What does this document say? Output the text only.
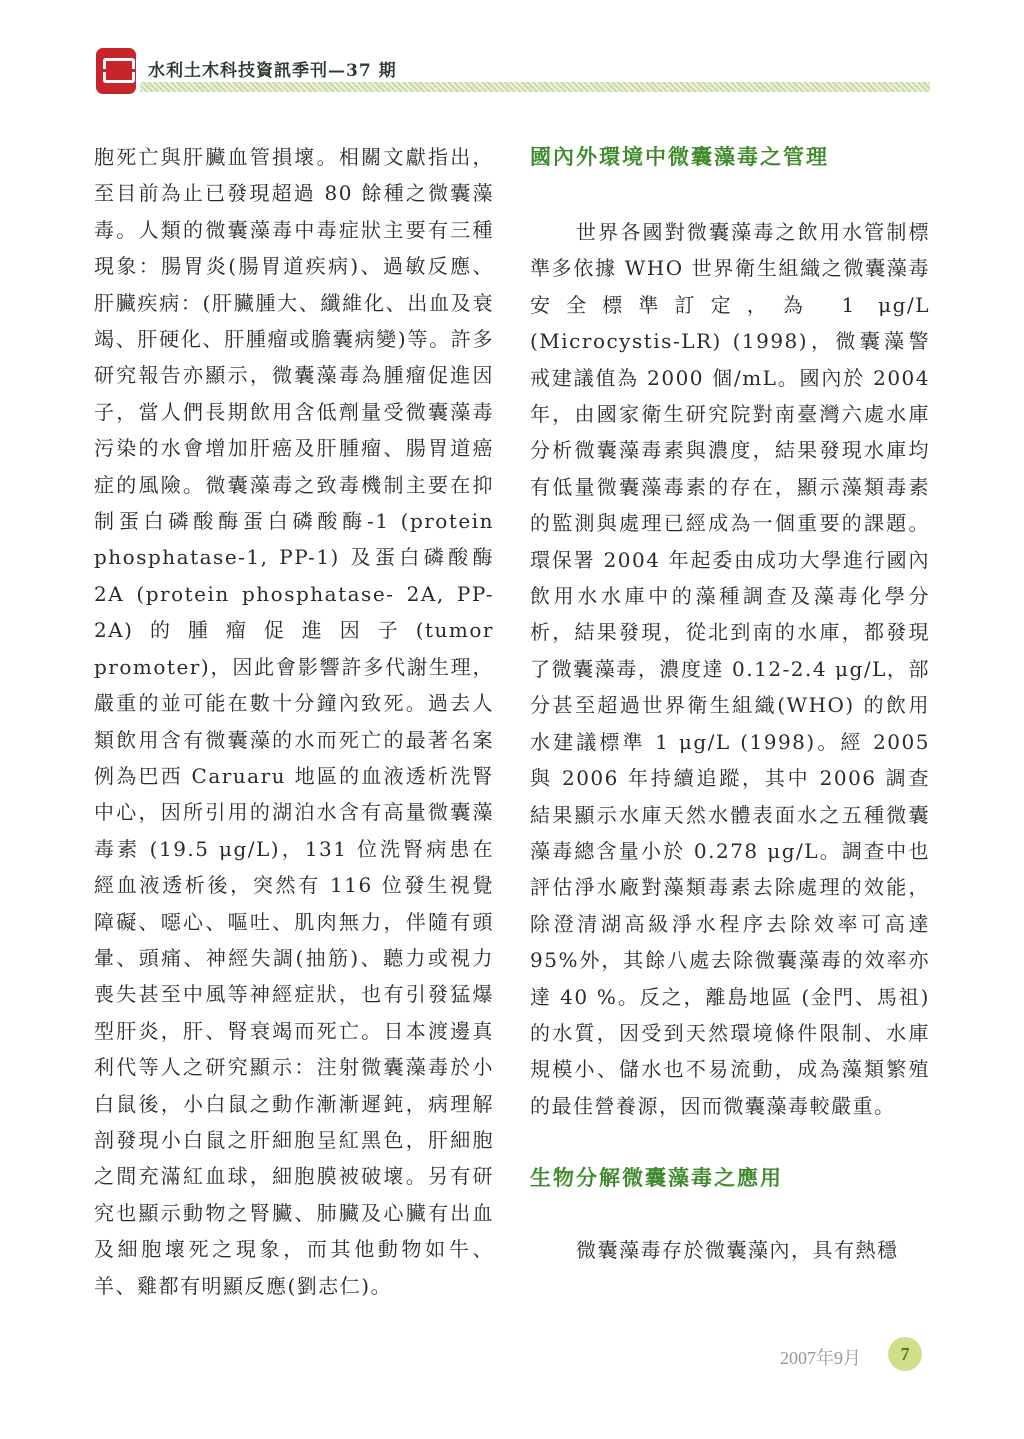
水利土木科技資訊季刊—37 期

胞死亡與肝臟血管損壞。相關文獻指出，至目前為止已發現超過 80 餘種之微囊藻毒。人類的微囊藻毒中毒症狀主要有三種現象：腸胃炎(腸胃道疾病)、過敏反應、肝臟疾病：(肝臟腫大、纖維化、出血及衰竭、肝硬化、肝腫瘤或膽囊病變)等。許多研究報告亦顯示，微囊藻毒為腫瘤促進因子，當人們長期飲用含低劑量受微囊藻毒污染的水會增加肝癌及肝腫瘤、腸胃道癌症的風險。微囊藻毒之致毒機制主要在抑制蛋白磷酸酶蛋白磷酸酶-1 (protein phosphatase-1, PP-1) 及蛋白磷酸酶 2A (protein phosphatase- 2A, PP-2A)的腫瘤促進因子(tumor promoter)，因此會影響許多代謝生理，嚴重的並可能在數十分鐘內致死。過去人類飲用含有微囊藻的水而死亡的最著名案例為巴西 Caruaru 地區的血液透析洗腎中心，因所引用的湖泊水含有高量微囊藻毒素 (19.5 μg/L)，131 位洗腎病患在經血液透析後，突然有 116 位發生視覺障礙、噁心、嘔吐、肌肉無力，伴隨有頭暈、頭痛、神經失調(抽筋)、聽力或視力喪失甚至中風等神經症狀，也有引發猛爆型肝炎，肝、腎衰竭而死亡。日本渡邊真利代等人之研究顯示：注射微囊藻毒於小白鼠後，小白鼠之動作漸漸遲鈍，病理解剖發現小白鼠之肝細胞呈紅黑色，肝細胞之間充滿紅血球，細胞膜被破壞。另有研究也顯示動物之腎臟、肺臟及心臟有出血及細胞壞死之現象，而其他動物如牛、羊、雞都有明顯反應(劉志仁)。

國內外環境中微囊藻毒之管理

世界各國對微囊藻毒之飲用水管制標準多依據 WHO 世界衛生組織之微囊藻毒安全標準訂定，為 1 μg/L (Microcystis-LR) (1998)，微囊藻警戒建議值為 2000 個/mL。國內於 2004 年，由國家衛生研究院對南臺灣六處水庫分析微囊藻毒素與濃度，結果發現水庫均有低量微囊藻毒素的存在，顯示藻類毒素的監測與處理已經成為一個重要的課題。環保署 2004 年起委由成功大學進行國內飲用水水庫中的藻種調查及藻毒化學分析，結果發現，從北到南的水庫，都發現了微囊藻毒，濃度達 0.12-2.4 μg/L，部分甚至超過世界衛生組織(WHO) 的飲用水建議標準 1 μg/L (1998)。經 2005 與 2006 年持續追蹤，其中 2006 調查結果顯示水庫天然水體表面水之五種微囊藻毒總含量小於 0.278 μg/L。調查中也評估淨水廠對藻類毒素去除處理的效能，除澄清湖高級淨水程序去除效率可高達 95%外，其餘八處去除微囊藻毒的效率亦達 40 %。反之，離島地區 (金門、馬祖) 的水質，因受到天然環境條件限制、水庫規模小、儲水也不易流動，成為藻類繁殖的最佳營養源，因而微囊藻毒較嚴重。

生物分解微囊藻毒之應用

微囊藻毒存於微囊藻內，具有熱穩

2007年9月	7
